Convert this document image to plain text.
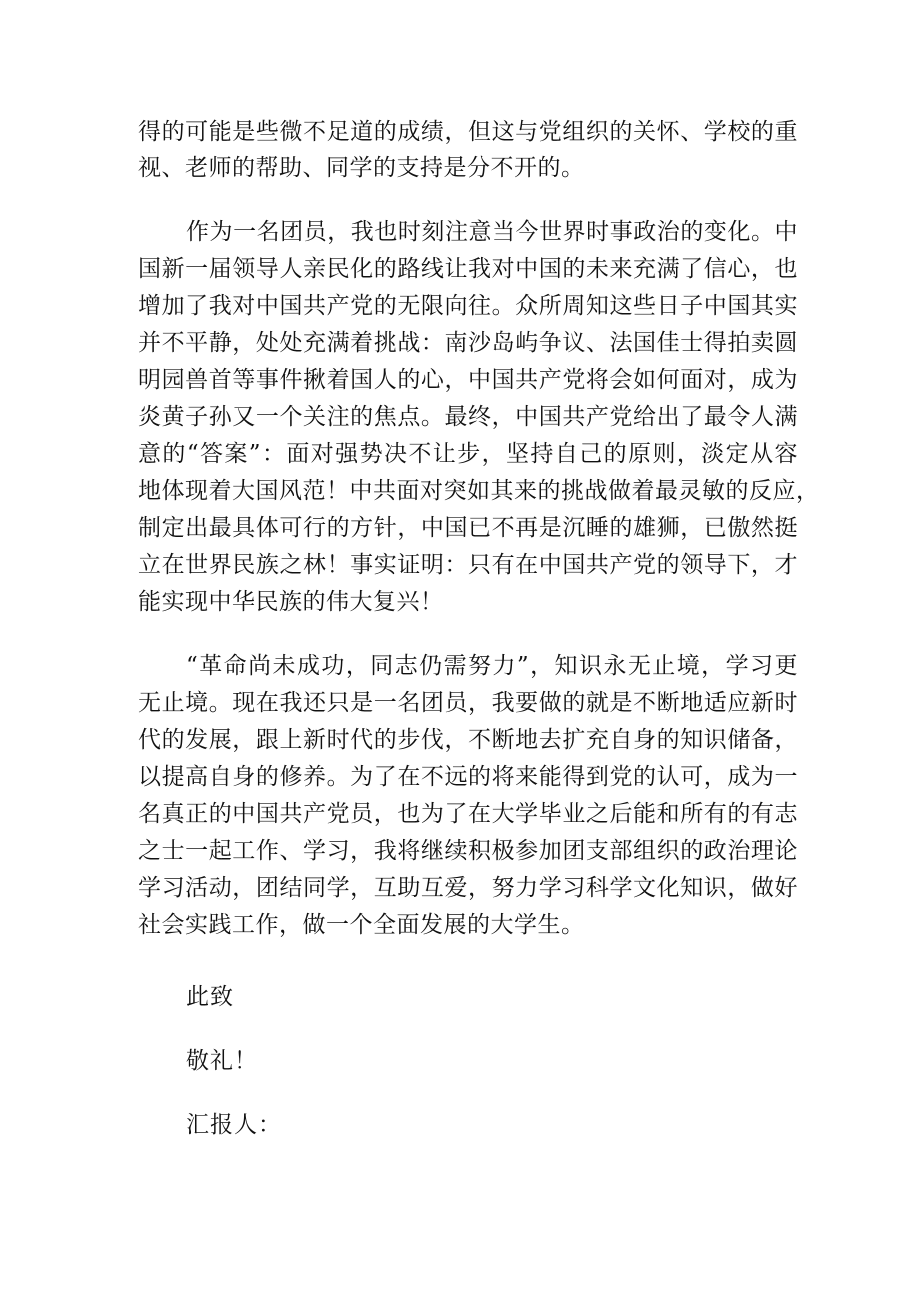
得的可能是些微不足道的成绩，但这与党组织的关怀、学校的重
视、老师的帮助、同学的支持是分不开的。
作为一名团员，我也时刻注意当今世界时事政治的变化。中
国新一届领导人亲民化的路线让我对中国的未来充满了信心，也
增加了我对中国共产党的无限向往。众所周知这些日子中国其实
并不平静，处处充满着挑战：南沙岛屿争议、法国佳士得拍卖圆
明园兽首等事件揪着国人的心，中国共产党将会如何面对，成为
炎黄子孙又一个关注的焦点。最终，中国共产党给出了最令人满
意的“答案”：面对强势决不让步，坚持自己的原则，淡定从容
地体现着大国风范！中共面对突如其来的挑战做着最灵敏的反应，
制定出最具体可行的方针，中国已不再是沉睡的雄狮，已傲然挺
立在世界民族之林！事实证明：只有在中国共产党的领导下，才
能实现中华民族的伟大复兴！
“革命尚未成功，同志仍需努力”，知识永无止境，学习更
无止境。现在我还只是一名团员，我要做的就是不断地适应新时
代的发展，跟上新时代的步伐，不断地去扩充自身的知识储备，
以提高自身的修养。为了在不远的将来能得到党的认可，成为一
名真正的中国共产党员，也为了在大学毕业之后能和所有的有志
之士一起工作、学习，我将继续积极参加团支部组织的政治理论
学习活动，团结同学，互助互爱，努力学习科学文化知识，做好
社会实践工作，做一个全面发展的大学生。
此致
敬礼！
汇报人：
